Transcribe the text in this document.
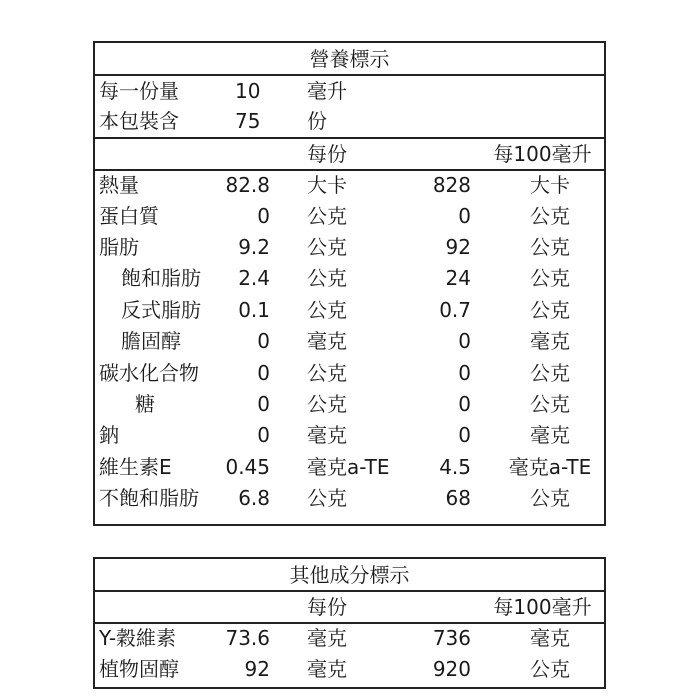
營養標示
每一份量	10 毫升
本包裝含	75 份
每份	每100毫升
熱量	82.8 大卡	828	大卡
蛋白質	0 公克	0	公克
脂肪	9.2 公克	92	公克
飽和脂肪 2.4 公克	24	公克
反式脂肪 0.1 公克	0.7	公克
膽固醇	0 毫克	0	毫克
碳水化合物	0 公克	0	公克
糖	0 公克	0	公克
鈉	0 毫克	0	毫克
維生素E	0.45 毫克a-TE 4.5	毫克a-TE
不飽和脂肪 6.8 公克	68	公克
其他成分標示
每份	每100毫升
Y-穀維素 73.6 毫克	736	毫克
植物固醇	92 毫克	920	公克
